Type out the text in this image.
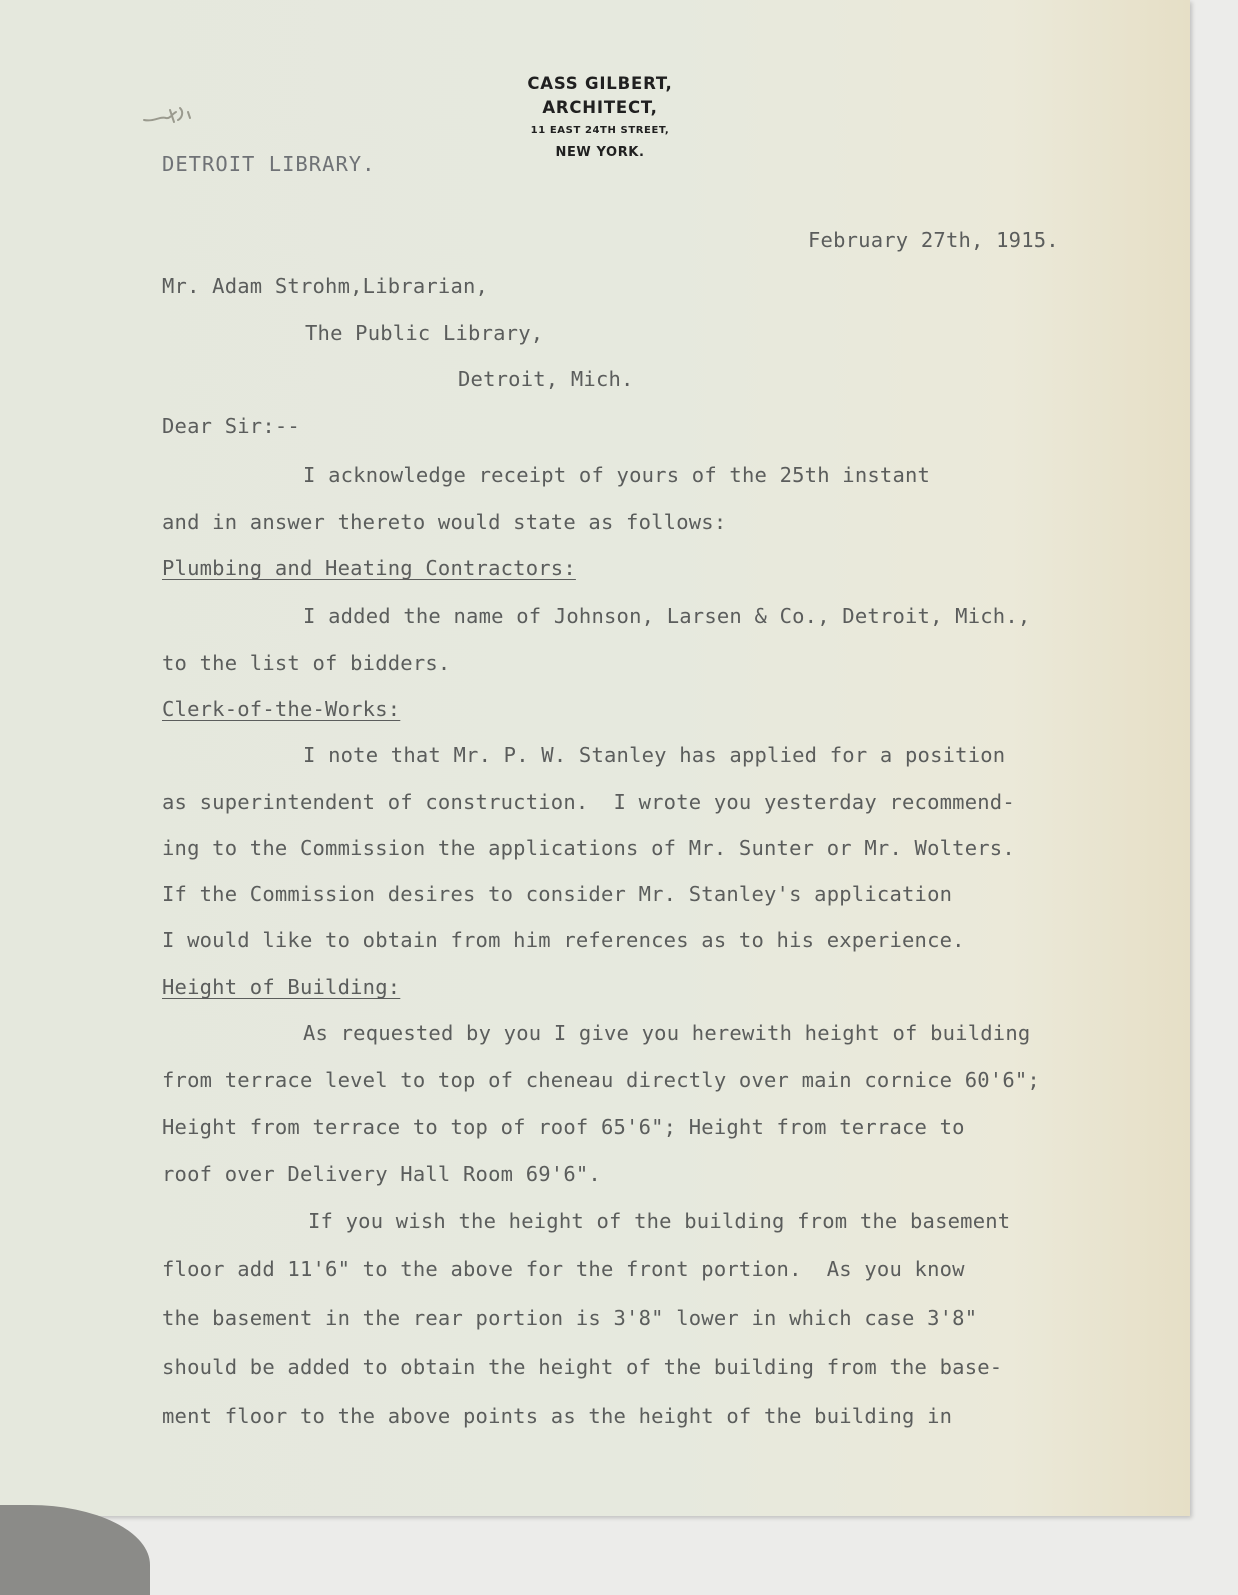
CASS GILBERT,
ARCHITECT,
11 EAST 24TH STREET,
NEW YORK.
DETROIT LIBRARY.
February 27th, 1915.
Mr. Adam Strohm,Librarian,
The Public Library,
Detroit, Mich.
Dear Sir:--
I acknowledge receipt of yours of the 25th instant
and in answer thereto would state as follows:
Plumbing and Heating Contractors:
I added the name of Johnson, Larsen & Co., Detroit, Mich.,
to the list of bidders.
Clerk-of-the-Works:
I note that Mr. P. W. Stanley has applied for a position
as superintendent of construction.  I wrote you yesterday recommend-
ing to the Commission the applications of Mr. Sunter or Mr. Wolters.
If the Commission desires to consider Mr. Stanley's application
I would like to obtain from him references as to his experience.
Height of Building:
As requested by you I give you herewith height of building
from terrace level to top of cheneau directly over main cornice 60'6";
Height from terrace to top of roof 65'6"; Height from terrace to
roof over Delivery Hall Room 69'6".
If you wish the height of the building from the basement
floor add 11'6" to the above for the front portion.  As you know
the basement in the rear portion is 3'8" lower in which case 3'8"
should be added to obtain the height of the building from the base-
ment floor to the above points as the height of the building in
